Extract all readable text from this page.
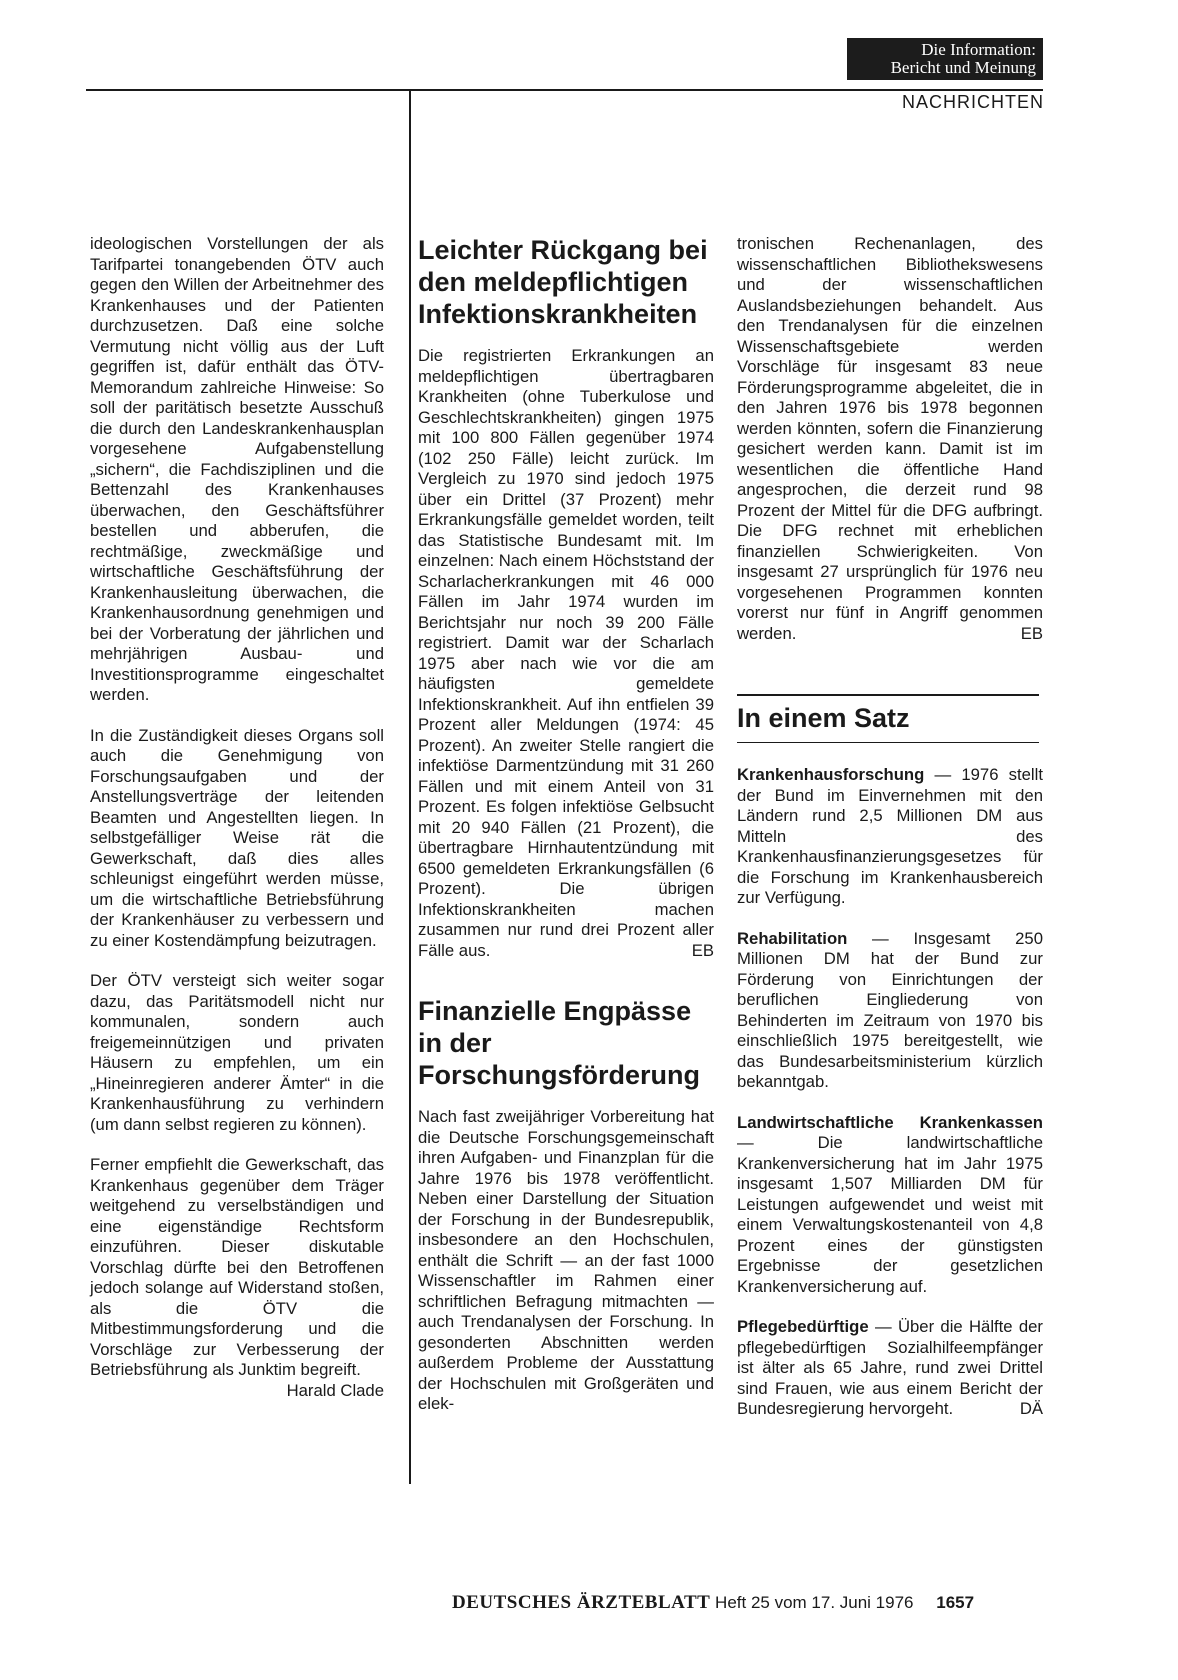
Die Information:
Bericht und Meinung
NACHRICHTEN

ideologischen Vorstellungen der als Tarifpartei tonangebenden ÖTV auch gegen den Willen der Arbeitnehmer des Krankenhauses und der Patienten durchzusetzen. Daß eine solche Vermutung nicht völlig aus der Luft gegriffen ist, dafür enthält das ÖTV-Memorandum zahlreiche Hinweise: So soll der paritätisch besetzte Ausschuß die durch den Landeskrankenhausplan vorgesehene Aufgabenstellung „sichern“, die Fachdisziplinen und die Bettenzahl des Krankenhauses überwachen, den Geschäftsführer bestellen und abberufen, die rechtmäßige, zweckmäßige und wirtschaftliche Geschäftsführung der Krankenhausleitung überwachen, die Krankenhausordnung genehmigen und bei der Vorberatung der jährlichen und mehrjährigen Ausbau- und Investitionsprogramme eingeschaltet werden.

In die Zuständigkeit dieses Organs soll auch die Genehmigung von Forschungsaufgaben und der Anstellungsverträge der leitenden Beamten und Angestellten liegen. In selbstgefälliger Weise rät die Gewerkschaft, daß dies alles schleunigst eingeführt werden müsse, um die wirtschaftliche Betriebsführung der Krankenhäuser zu verbessern und zu einer Kostendämpfung beizutragen.

Der ÖTV versteigt sich weiter sogar dazu, das Paritätsmodell nicht nur kommunalen, sondern auch freigemeinnützigen und privaten Häusern zu empfehlen, um ein „Hineinregieren anderer Ämter“ in die Krankenhausführung zu verhindern (um dann selbst regieren zu können).

Ferner empfiehlt die Gewerkschaft, das Krankenhaus gegenüber dem Träger weitgehend zu verselbständigen und eine eigenständige Rechtsform einzuführen. Dieser diskutable Vorschlag dürfte bei den Betroffenen jedoch solange auf Widerstand stoßen, als die ÖTV die Mitbestimmungsforderung und die Vorschläge zur Verbesserung der Betriebsführung als Junktim begreift.
Harald Clade

Leichter Rückgang bei den meldepflichtigen Infektionskrankheiten

Die registrierten Erkrankungen an meldepflichtigen übertragbaren Krankheiten (ohne Tuberkulose und Geschlechtskrankheiten) gingen 1975 mit 100 800 Fällen gegenüber 1974 (102 250 Fälle) leicht zurück. Im Vergleich zu 1970 sind jedoch 1975 über ein Drittel (37 Prozent) mehr Erkrankungsfälle gemeldet worden, teilt das Statistische Bundesamt mit. Im einzelnen: Nach einem Höchststand der Scharlacherkrankungen mit 46 000 Fällen im Jahr 1974 wurden im Berichtsjahr nur noch 39 200 Fälle registriert. Damit war der Scharlach 1975 aber nach wie vor die am häufigsten gemeldete Infektionskrankheit. Auf ihn entfielen 39 Prozent aller Meldungen (1974: 45 Prozent). An zweiter Stelle rangiert die infektiöse Darmentzündung mit 31 260 Fällen und mit einem Anteil von 31 Prozent. Es folgen infektiöse Gelbsucht mit 20 940 Fällen (21 Prozent), die übertragbare Hirnhautentzündung mit 6500 gemeldeten Erkrankungsfällen (6 Prozent). Die übrigen Infektionskrankheiten machen zusammen nur rund drei Prozent aller Fälle aus.	EB

Finanzielle Engpässe in der Forschungsförderung

Nach fast zweijähriger Vorbereitung hat die Deutsche Forschungsgemeinschaft ihren Aufgaben- und Finanzplan für die Jahre 1976 bis 1978 veröffentlicht. Neben einer Darstellung der Situation der Forschung in der Bundesrepublik, insbesondere an den Hochschulen, enthält die Schrift — an der fast 1000 Wissenschaftler im Rahmen einer schriftlichen Befragung mitmachten — auch Trendanalysen der Forschung. In gesonderten Abschnitten werden außerdem Probleme der Ausstattung der Hochschulen mit Großgeräten und elek-

tronischen Rechenanlagen, des wissenschaftlichen Bibliothekswesens und der wissenschaftlichen Auslandsbeziehungen behandelt. Aus den Trendanalysen für die einzelnen Wissenschaftsgebiete werden Vorschläge für insgesamt 83 neue Förderungsprogramme abgeleitet, die in den Jahren 1976 bis 1978 begonnen werden könnten, sofern die Finanzierung gesichert werden kann. Damit ist im wesentlichen die öffentliche Hand angesprochen, die derzeit rund 98 Prozent der Mittel für die DFG aufbringt. Die DFG rechnet mit erheblichen finanziellen Schwierigkeiten. Von insgesamt 27 ursprünglich für 1976 neu vorgesehenen Programmen konnten vorerst nur fünf in Angriff genommen werden.	EB

In einem Satz

Krankenhausforschung — 1976 stellt der Bund im Einvernehmen mit den Ländern rund 2,5 Millionen DM aus Mitteln des Krankenhausfinanzierungsgesetzes für die Forschung im Krankenhausbereich zur Verfügung.

Rehabilitation — Insgesamt 250 Millionen DM hat der Bund zur Förderung von Einrichtungen der beruflichen Eingliederung von Behinderten im Zeitraum von 1970 bis einschließlich 1975 bereitgestellt, wie das Bundesarbeitsministerium kürzlich bekanntgab.

Landwirtschaftliche Krankenkassen — Die landwirtschaftliche Krankenversicherung hat im Jahr 1975 insgesamt 1,507 Milliarden DM für Leistungen aufgewendet und weist mit einem Verwaltungskostenanteil von 4,8 Prozent eines der günstigsten Ergebnisse der gesetzlichen Krankenversicherung auf.

Pflegebedürftige — Über die Hälfte der pflegebedürftigen Sozialhilfeempfänger ist älter als 65 Jahre, rund zwei Drittel sind Frauen, wie aus einem Bericht der Bundesregierung hervorgeht.	DÄ

DEUTSCHES ÄRZTEBLATT Heft 25 vom 17. Juni 1976 1657
